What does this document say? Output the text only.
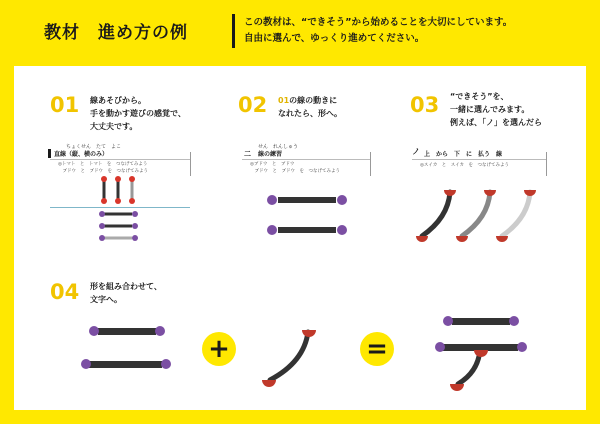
教材　進め方の例
この教材は、“できそう”から始めることを大切にしています。
自由に選んで、ゆっくり進めてください。
01 線あそびから。
手を動かす遊びの感覚で、
大丈夫です。
ちょくせん　たて　よこ
直線（縦、横のみ）
◎トマト　と　トマト　を　つなげてみよう
　ブドウ　と　ブドウ　を　つなげてみよう
02 01の線の動きに
なれたら、形へ。
二
せん　れんしゅう
線の練習
◎ブドウ　と　ブドウ
　ブドウ　と　ブドウ　を　つなげてみよう
03 “できそう”を、
一緒に選んでみます。
例えば、「ノ」を選んだら
ノ 上　から　下　に　払う　線
◎スイカ　と　スイカ　を　つなげてみよう
04 形を組み合わせて、
文字へ。
+	=
